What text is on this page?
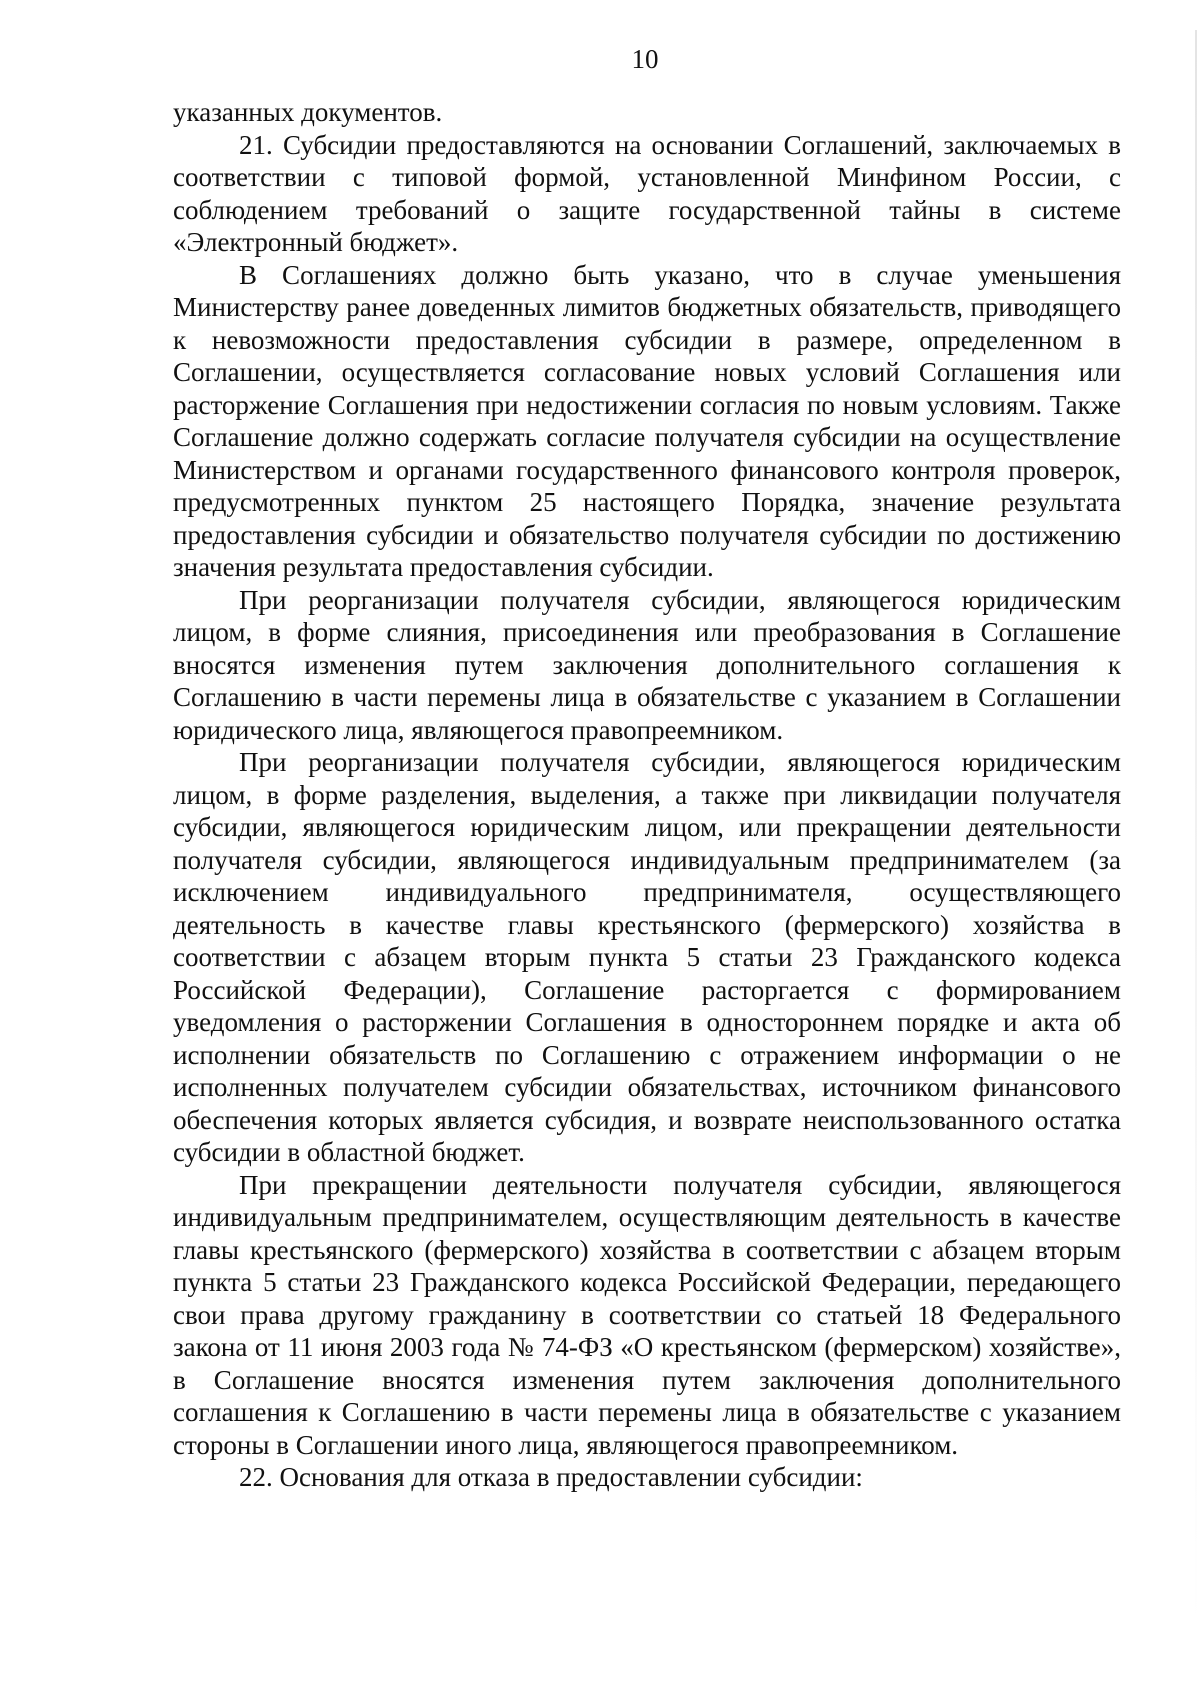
10

указанных документов.

21. Субсидии предоставляются на основании Соглашений, заключаемых в соответствии с типовой формой, установленной Минфином России, с соблюдением требований о защите государственной тайны в системе «Электронный бюджет».

В Соглашениях должно быть указано, что в случае уменьшения Министерству ранее доведенных лимитов бюджетных обязательств, приводящего к невозможности предоставления субсидии в размере, определенном в Соглашении, осуществляется согласование новых условий Соглашения или расторжение Соглашения при недостижении согласия по новым условиям. Также Соглашение должно содержать согласие получателя субсидии на осуществление Министерством и органами государственного финансового контроля проверок, предусмотренных пунктом 25 настоящего Порядка, значение результата предоставления субсидии и обязательство получателя субсидии по достижению значения результата предоставления субсидии.

При реорганизации получателя субсидии, являющегося юридическим лицом, в форме слияния, присоединения или преобразования в Соглашение вносятся изменения путем заключения дополнительного соглашения к Соглашению в части перемены лица в обязательстве с указанием в Соглашении юридического лица, являющегося правопреемником.

При реорганизации получателя субсидии, являющегося юридическим лицом, в форме разделения, выделения, а также при ликвидации получателя субсидии, являющегося юридическим лицом, или прекращении деятельности получателя субсидии, являющегося индивидуальным предпринимателем (за исключением индивидуального предпринимателя, осуществляющего деятельность в качестве главы крестьянского (фермерского) хозяйства в соответствии с абзацем вторым пункта 5 статьи 23 Гражданского кодекса Российской Федерации), Соглашение расторгается с формированием уведомления о расторжении Соглашения в одностороннем порядке и акта об исполнении обязательств по Соглашению с отражением информации о не исполненных получателем субсидии обязательствах, источником финансового обеспечения которых является субсидия, и возврате неиспользованного остатка субсидии в областной бюджет.

При прекращении деятельности получателя субсидии, являющегося индивидуальным предпринимателем, осуществляющим деятельность в качестве главы крестьянского (фермерского) хозяйства в соответствии с абзацем вторым пункта 5 статьи 23 Гражданского кодекса Российской Федерации, передающего свои права другому гражданину в соответствии со статьей 18 Федерального закона от 11 июня 2003 года № 74-ФЗ «О крестьянском (фермерском) хозяйстве», в Соглашение вносятся изменения путем заключения дополнительного соглашения к Соглашению в части перемены лица в обязательстве с указанием стороны в Соглашении иного лица, являющегося правопреемником.

22. Основания для отказа в предоставлении субсидии:
